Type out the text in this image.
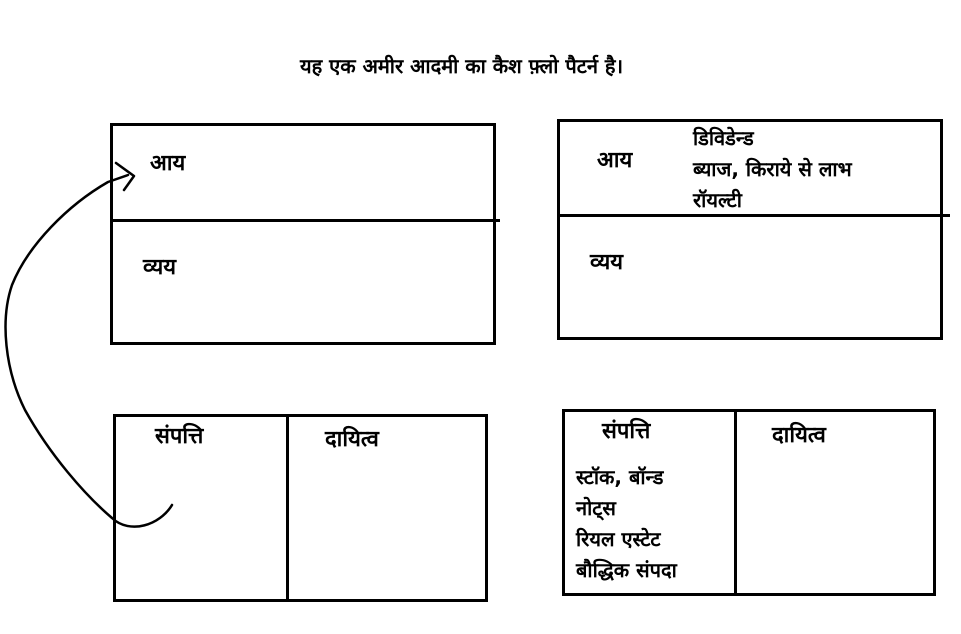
यह एक अमीर आदमी का कैश फ़्लो पैटर्न है।
आय
व्यय
संपत्ति	दायित्व
आय
डिविडेन्ड
ब्याज, किराये से लाभ
रॉयल्टी
व्यय
संपत्ति	दायित्व
स्टॉक, बॉन्ड
नोट्स
रियल एस्टेट
बौद्धिक संपदा
